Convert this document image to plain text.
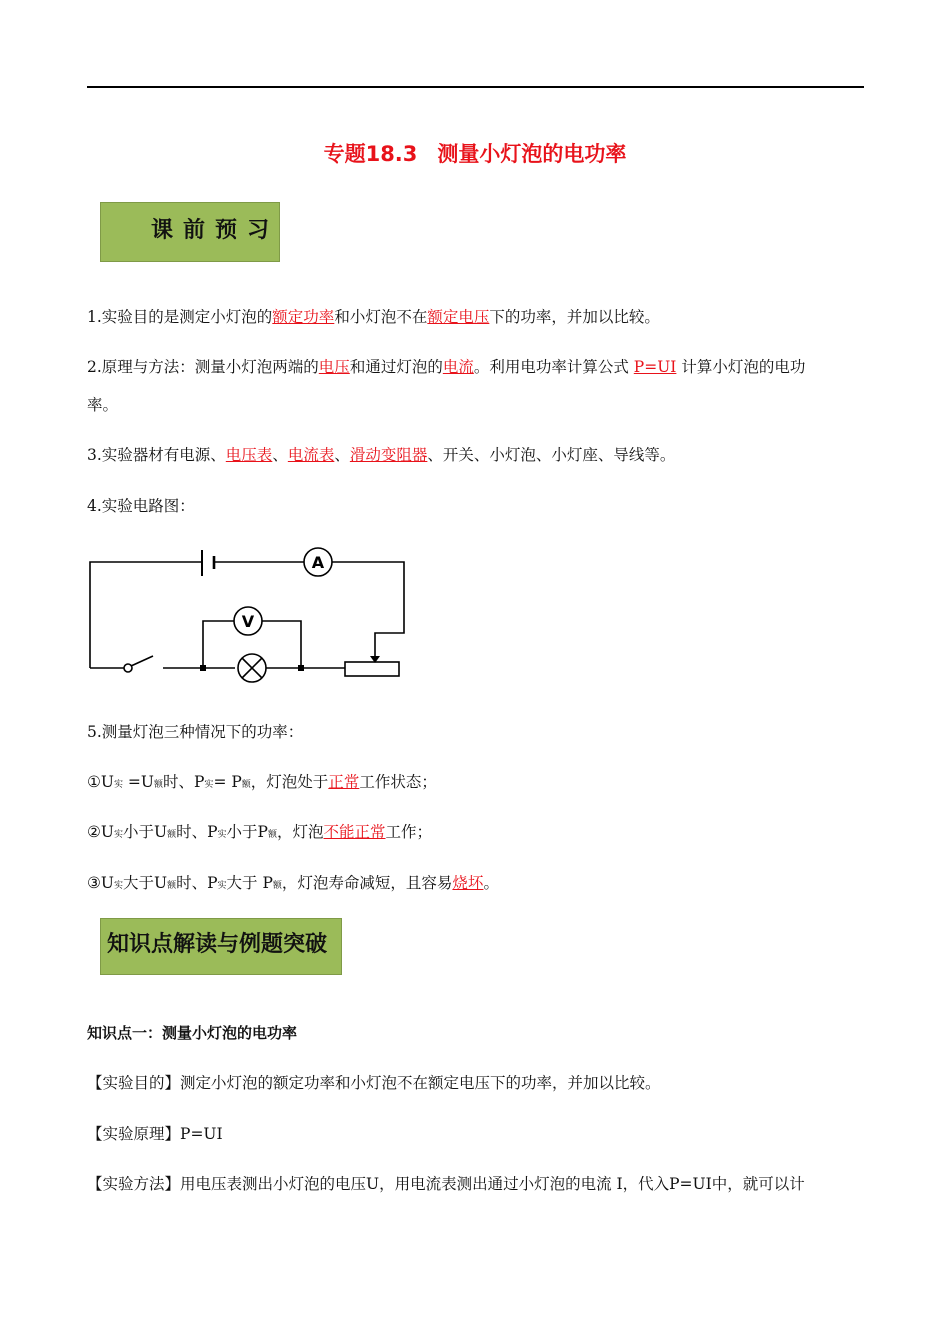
专题18.3 测量小灯泡的电功率
课前预习
1.实验目的是测定小灯泡的额定功率和小灯泡不在额定电压下的功率，并加以比较。
2.原理与方法：测量小灯泡两端的电压和通过灯泡的电流。利用电功率计算公式 P=UI 计算小灯泡的电功
率。
3.实验器材有电源、电压表、电流表、滑动变阻器、开关、小灯泡、小灯座、导线等。
4.实验电路图：
A
V
5.测量灯泡三种情况下的功率：
①U实 =U额时、P实= P额，灯泡处于正常工作状态；
②U实小于U额时、P实小于P额，灯泡不能正常工作；
③U实大于U额时、P实大于 P额，灯泡寿命减短，且容易烧坏。
知识点解读与例题突破
知识点一：测量小灯泡的电功率
【实验目的】测定小灯泡的额定功率和小灯泡不在额定电压下的功率，并加以比较。
【实验原理】P=UI
【实验方法】用电压表测出小灯泡的电压U，用电流表测出通过小灯泡的电流 I，代入P=UI中，就可以计
